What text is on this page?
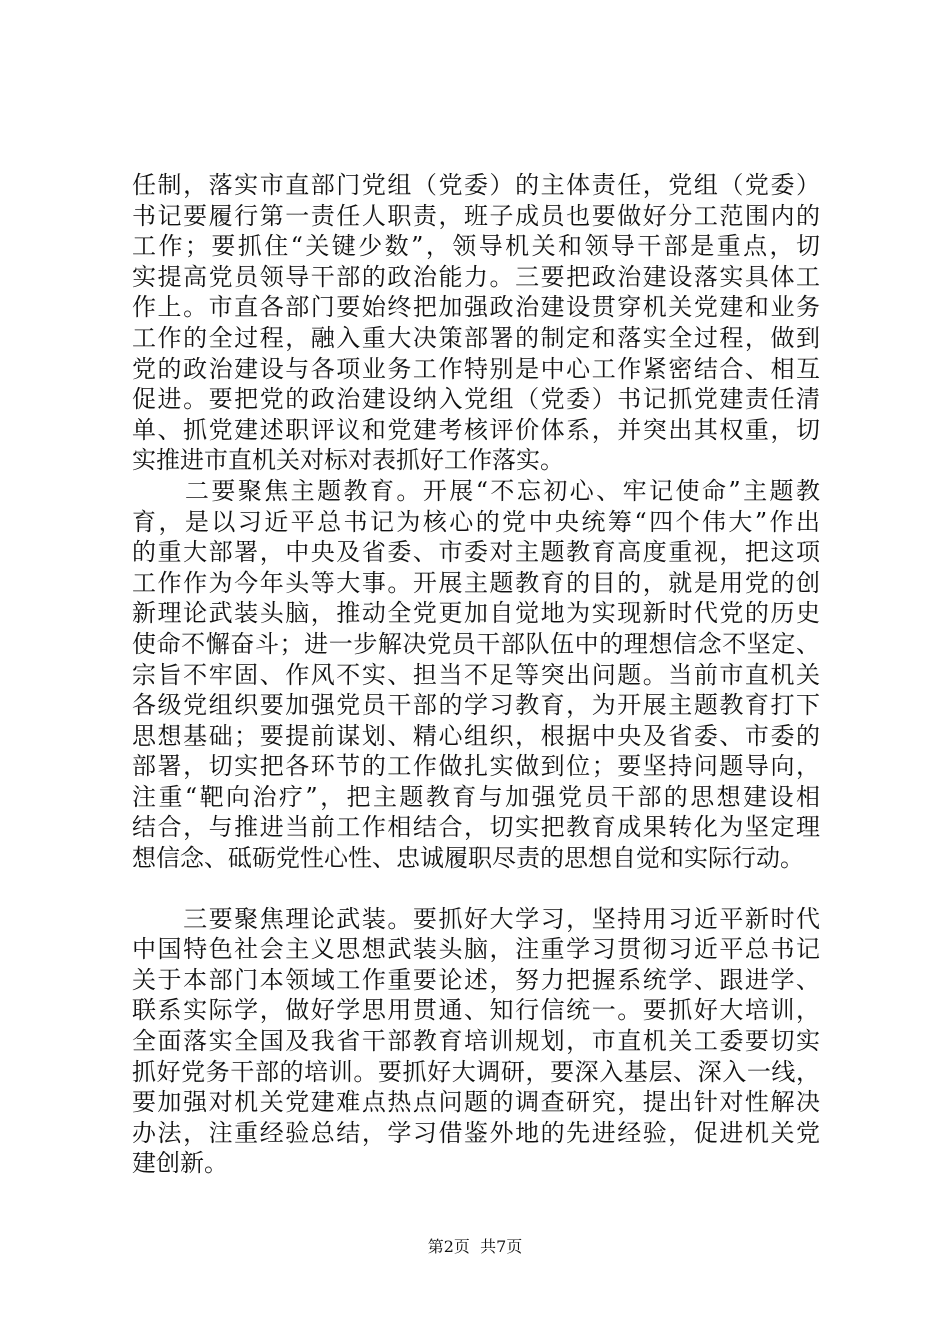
任制，落实市直部门党组（党委）的主体责任，党组（党委）
书记要履行第一责任人职责，班子成员也要做好分工范围内的
工作；要抓住“关键少数”，领导机关和领导干部是重点，切
实提高党员领导干部的政治能力。三要把政治建设落实具体工
作上。市直各部门要始终把加强政治建设贯穿机关党建和业务
工作的全过程，融入重大决策部署的制定和落实全过程，做到
党的政治建设与各项业务工作特别是中心工作紧密结合、相互
促进。要把党的政治建设纳入党组（党委）书记抓党建责任清
单、抓党建述职评议和党建考核评价体系，并突出其权重，切
实推进市直机关对标对表抓好工作落实。
　　二要聚焦主题教育。开展“不忘初心、牢记使命”主题教
育，是以习近平总书记为核心的党中央统筹“四个伟大”作出
的重大部署，中央及省委、市委对主题教育高度重视，把这项
工作作为今年头等大事。开展主题教育的目的，就是用党的创
新理论武装头脑，推动全党更加自觉地为实现新时代党的历史
使命不懈奋斗；进一步解决党员干部队伍中的理想信念不坚定、
宗旨不牢固、作风不实、担当不足等突出问题。当前市直机关
各级党组织要加强党员干部的学习教育，为开展主题教育打下
思想基础；要提前谋划、精心组织，根据中央及省委、市委的
部署，切实把各环节的工作做扎实做到位；要坚持问题导向，
注重“靶向治疗”，把主题教育与加强党员干部的思想建设相
结合，与推进当前工作相结合，切实把教育成果转化为坚定理
想信念、砥砺党性心性、忠诚履职尽责的思想自觉和实际行动。
　　三要聚焦理论武装。要抓好大学习，坚持用习近平新时代
中国特色社会主义思想武装头脑，注重学习贯彻习近平总书记
关于本部门本领域工作重要论述，努力把握系统学、跟进学、
联系实际学，做好学思用贯通、知行信统一。要抓好大培训，
全面落实全国及我省干部教育培训规划，市直机关工委要切实
抓好党务干部的培训。要抓好大调研，要深入基层、深入一线，
要加强对机关党建难点热点问题的调查研究，提出针对性解决
办法，注重经验总结，学习借鉴外地的先进经验，促进机关党
建创新。
第2页  共7页
